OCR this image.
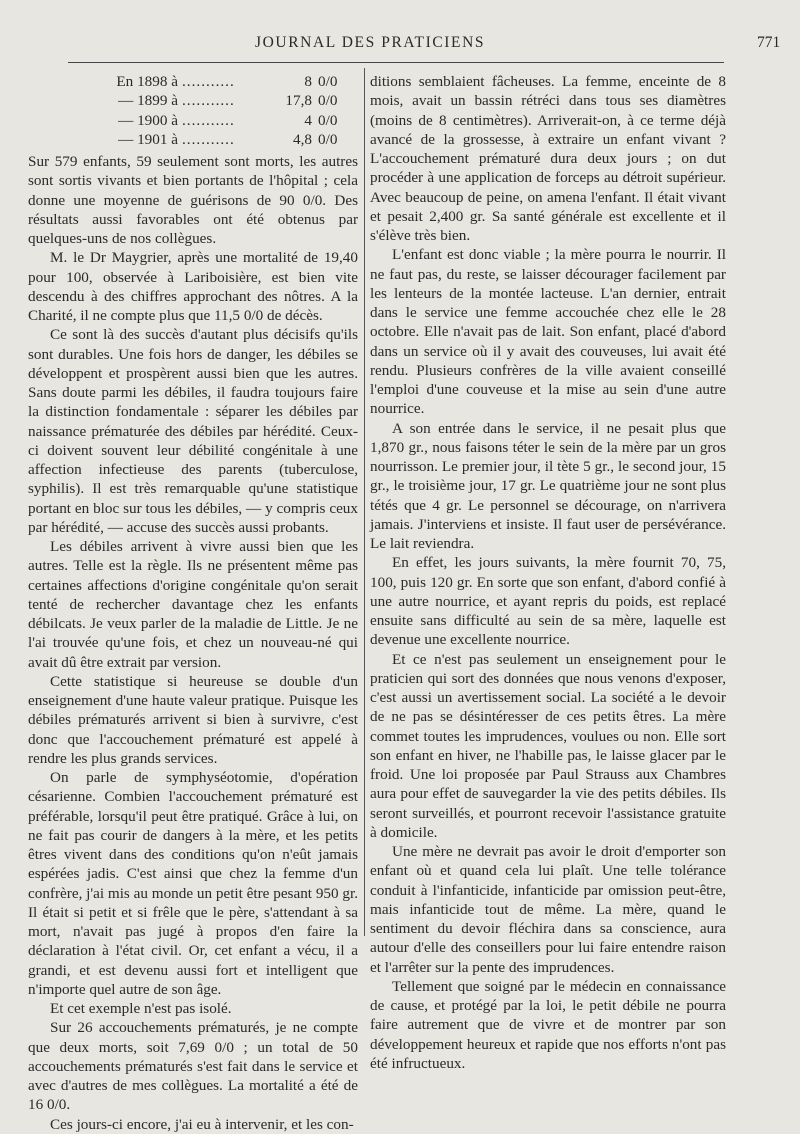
JOURNAL DES PRATICIENS	771
En 1898 à ...........	8 0/0
— 1899 à ...........	17,8 0/0
— 1900 à ...........	4 0/0
— 1901 à ...........	4,8 0/0

Sur 579 enfants, 59 seulement sont morts, les autres sont sortis vivants et bien portants de l'hôpital ; cela donne une moyenne de guérisons de 90 0/0. Des résultats aussi favorables ont été obtenus par quelques-uns de nos collègues.

M. le Dr Maygrier, après une mortalité de 19,40 pour 100, observée à Lariboisière, est bien vite descendu à des chiffres approchant des nôtres. A la Charité, il ne compte plus que 11,5 0/0 de décès.

Ce sont là des succès d'autant plus décisifs qu'ils sont durables. Une fois hors de danger, les débiles se développent et prospèrent aussi bien que les autres. Sans doute parmi les débiles, il faudra toujours faire la distinction fondamentale : séparer les débiles par naissance prématurée des débiles par hérédité. Ceux-ci doivent souvent leur débilité congénitale à une affection infectieuse des parents (tuberculose, syphilis). Il est très remarquable qu'une statistique portant en bloc sur tous les débiles, — y compris ceux par hérédité, — accuse des succès aussi probants.

Les débiles arrivent à vivre aussi bien que les autres. Telle est la règle. Ils ne présentent même pas certaines affections d'origine congénitale qu'on serait tenté de rechercher davantage chez les enfants débilcats. Je veux parler de la maladie de Little. Je ne l'ai trouvée qu'une fois, et chez un nouveau-né qui avait dû être extrait par version.

Cette statistique si heureuse se double d'un enseignement d'une haute valeur pratique. Puisque les débiles prématurés arrivent si bien à survivre, c'est donc que l'accouchement prématuré est appelé à rendre les plus grands services.

On parle de symphyséotomie, d'opération césarienne. Combien l'accouchement prématuré est préférable, lorsqu'il peut être pratiqué. Grâce à lui, on ne fait pas courir de dangers à la mère, et les petits êtres vivent dans des conditions qu'on n'eût jamais espérées jadis. C'est ainsi que chez la femme d'un confrère, j'ai mis au monde un petit être pesant 950 gr. Il était si petit et si frêle que le père, s'attendant à sa mort, n'avait pas jugé à propos d'en faire la déclaration à l'état civil. Or, cet enfant a vécu, il a grandi, et est devenu aussi fort et intelligent que n'importe quel autre de son âge.

Et cet exemple n'est pas isolé.

Sur 26 accouchements prématurés, je ne compte que deux morts, soit 7,69 0/0 ; un total de 50 accouchements prématurés s'est fait dans le service et avec d'autres de mes collègues. La mortalité a été de 16 0/0.

Ces jours-ci encore, j'ai eu à intervenir, et les con-

ditions semblaient fâcheuses. La femme, enceinte de 8 mois, avait un bassin rétréci dans tous ses diamètres (moins de 8 centimètres). Arriverait-on, à ce terme déjà avancé de la grossesse, à extraire un enfant vivant ? L'accouchement prématuré dura deux jours ; on dut procéder à une application de forceps au détroit supérieur. Avec beaucoup de peine, on amena l'enfant. Il était vivant et pesait 2,400 gr. Sa santé générale est excellente et il s'élève très bien.

L'enfant est donc viable ; la mère pourra le nourrir. Il ne faut pas, du reste, se laisser décourager facilement par les lenteurs de la montée lacteuse. L'an dernier, entrait dans le service une femme accouchée chez elle le 28 octobre. Elle n'avait pas de lait. Son enfant, placé d'abord dans un service où il y avait des couveuses, lui avait été rendu. Plusieurs confrères de la ville avaient conseillé l'emploi d'une couveuse et la mise au sein d'une autre nourrice.

A son entrée dans le service, il ne pesait plus que 1,870 gr., nous faisons téter le sein de la mère par un gros nourrisson. Le premier jour, il tète 5 gr., le second jour, 15 gr., le troisième jour, 17 gr. Le quatrième jour ne sont plus tétés que 4 gr. Le personnel se décourage, on n'arrivera jamais. J'interviens et insiste. Il faut user de persévérance. Le lait reviendra.

En effet, les jours suivants, la mère fournit 70, 75, 100, puis 120 gr. En sorte que son enfant, d'abord confié à une autre nourrice, et ayant repris du poids, est replacé ensuite sans difficulté au sein de sa mère, laquelle est devenue une excellente nourrice.

Et ce n'est pas seulement un enseignement pour le praticien qui sort des données que nous venons d'exposer, c'est aussi un avertissement social. La société a le devoir de ne pas se désintéresser de ces petits êtres. La mère commet toutes les imprudences, voulues ou non. Elle sort son enfant en hiver, ne l'habille pas, le laisse glacer par le froid. Une loi proposée par Paul Strauss aux Chambres aura pour effet de sauvegarder la vie des petits débiles. Ils seront surveillés, et pourront recevoir l'assistance gratuite à domicile.

Une mère ne devrait pas avoir le droit d'emporter son enfant où et quand cela lui plaît. Une telle tolérance conduit à l'infanticide, infanticide par omission peut-être, mais infanticide tout de même. La mère, quand le sentiment du devoir fléchira dans sa conscience, aura autour d'elle des conseillers pour lui faire entendre raison et l'arrêter sur la pente des imprudences.

Tellement que soigné par le médecin en connaissance de cause, et protégé par la loi, le petit débile ne pourra faire autrement que de vivre et de montrer par son développement heureux et rapide que nos efforts n'ont pas été infructueux.
